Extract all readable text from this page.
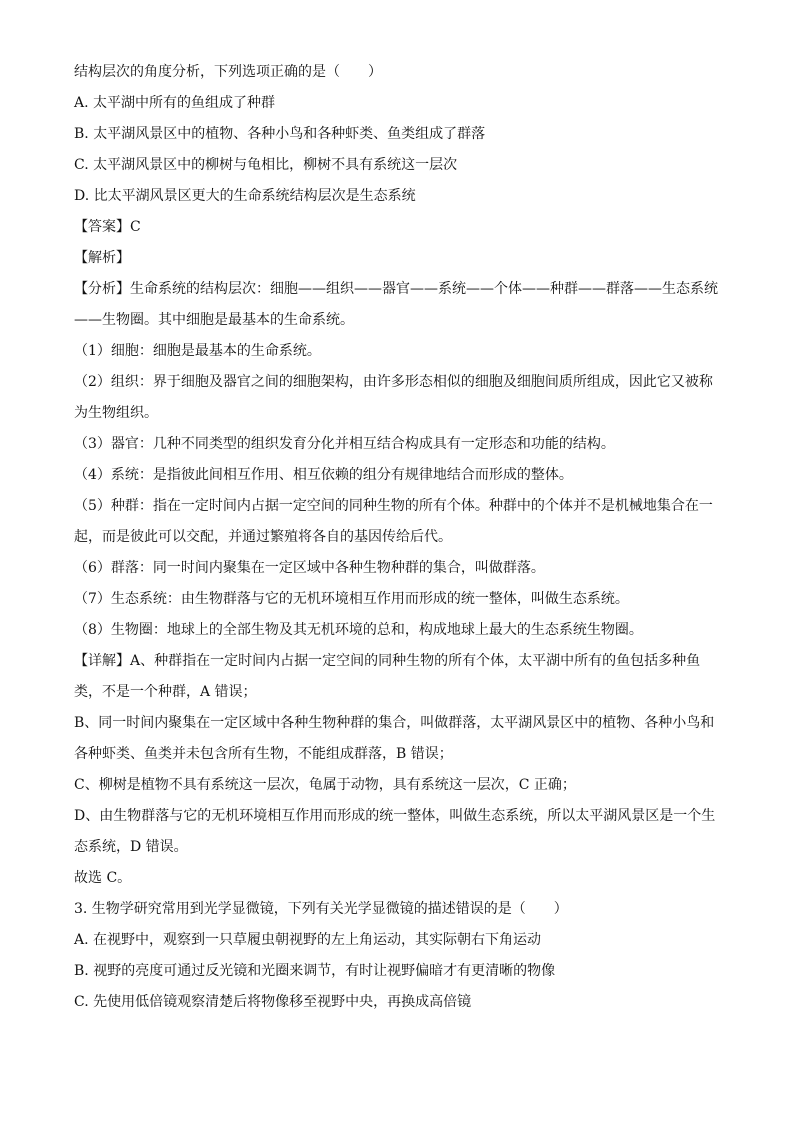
结构层次的角度分析，下列选项正确的是（　　）
A. 太平湖中所有的鱼组成了种群
B. 太平湖风景区中的植物、各种小鸟和各种虾类、鱼类组成了群落
C. 太平湖风景区中的柳树与龟相比，柳树不具有系统这一层次
D. 比太平湖风景区更大的生命系统结构层次是生态系统
【答案】C
【解析】
【分析】生命系统的结构层次：细胞——组织——器官——系统——个体——种群——群落——生态系统
——生物圈。其中细胞是最基本的生命系统。
（1）细胞：细胞是最基本的生命系统。
（2）组织：界于细胞及器官之间的细胞架构，由许多形态相似的细胞及细胞间质所组成，因此它又被称
为生物组织。
（3）器官：几种不同类型的组织发育分化并相互结合构成具有一定形态和功能的结构。
（4）系统：是指彼此间相互作用、相互依赖的组分有规律地结合而形成的整体。
（5）种群：指在一定时间内占据一定空间的同种生物的所有个体。种群中的个体并不是机械地集合在一
起，而是彼此可以交配，并通过繁殖将各自的基因传给后代。
（6）群落：同一时间内聚集在一定区域中各种生物种群的集合，叫做群落。
（7）生态系统：由生物群落与它的无机环境相互作用而形成的统一整体，叫做生态系统。
（8）生物圈：地球上的全部生物及其无机环境的总和，构成地球上最大的生态系统生物圈。
【详解】A、种群指在一定时间内占据一定空间的同种生物的所有个体，太平湖中所有的鱼包括多种鱼
类，不是一个种群，A 错误；
B、同一时间内聚集在一定区域中各种生物种群的集合，叫做群落，太平湖风景区中的植物、各种小鸟和
各种虾类、鱼类并未包含所有生物，不能组成群落，B 错误；
C、柳树是植物不具有系统这一层次，龟属于动物，具有系统这一层次，C 正确；
D、由生物群落与它的无机环境相互作用而形成的统一整体，叫做生态系统，所以太平湖风景区是一个生
态系统，D 错误。
故选 C。
3. 生物学研究常用到光学显微镜，下列有关光学显微镜的描述错误的是（　　）
A. 在视野中，观察到一只草履虫朝视野的左上角运动，其实际朝右下角运动
B. 视野的亮度可通过反光镜和光圈来调节，有时让视野偏暗才有更清晰的物像
C. 先使用低倍镜观察清楚后将物像移至视野中央，再换成高倍镜
